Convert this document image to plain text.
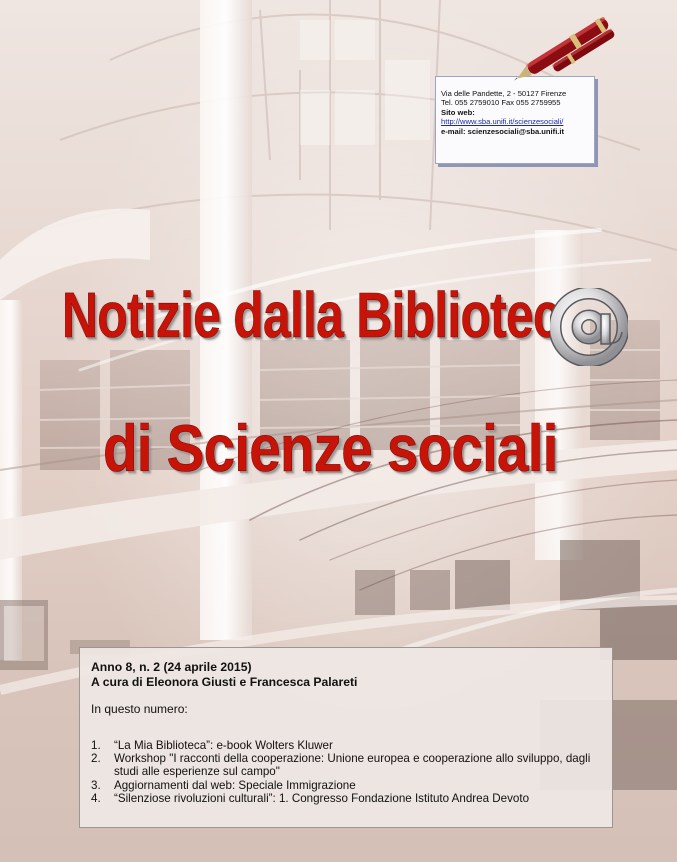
Via delle Pandette, 2 - 50127 Firenze
Tel. 055 2759010 Fax 055 2759955
Sito web:
http://www.sba.unifi.it/scienzesociali/
e-mail: scienzesociali@sba.unifi.it
Notizie dalla Bibliotec
di Scienze sociali
Anno 8, n. 2 (24 aprile 2015)
A cura di Eleonora Giusti e Francesca Palareti
In questo numero:
1.	“La Mia Biblioteca”: e-book Wolters Kluwer
2.	Workshop "I racconti della cooperazione: Unione europea e cooperazione allo sviluppo, dagli studi alle esperienze sul campo"
3.	Aggiornamenti dal web: Speciale Immigrazione
4.	“Silenziose rivoluzioni culturali”: 1. Congresso Fondazione Istituto Andrea Devoto
